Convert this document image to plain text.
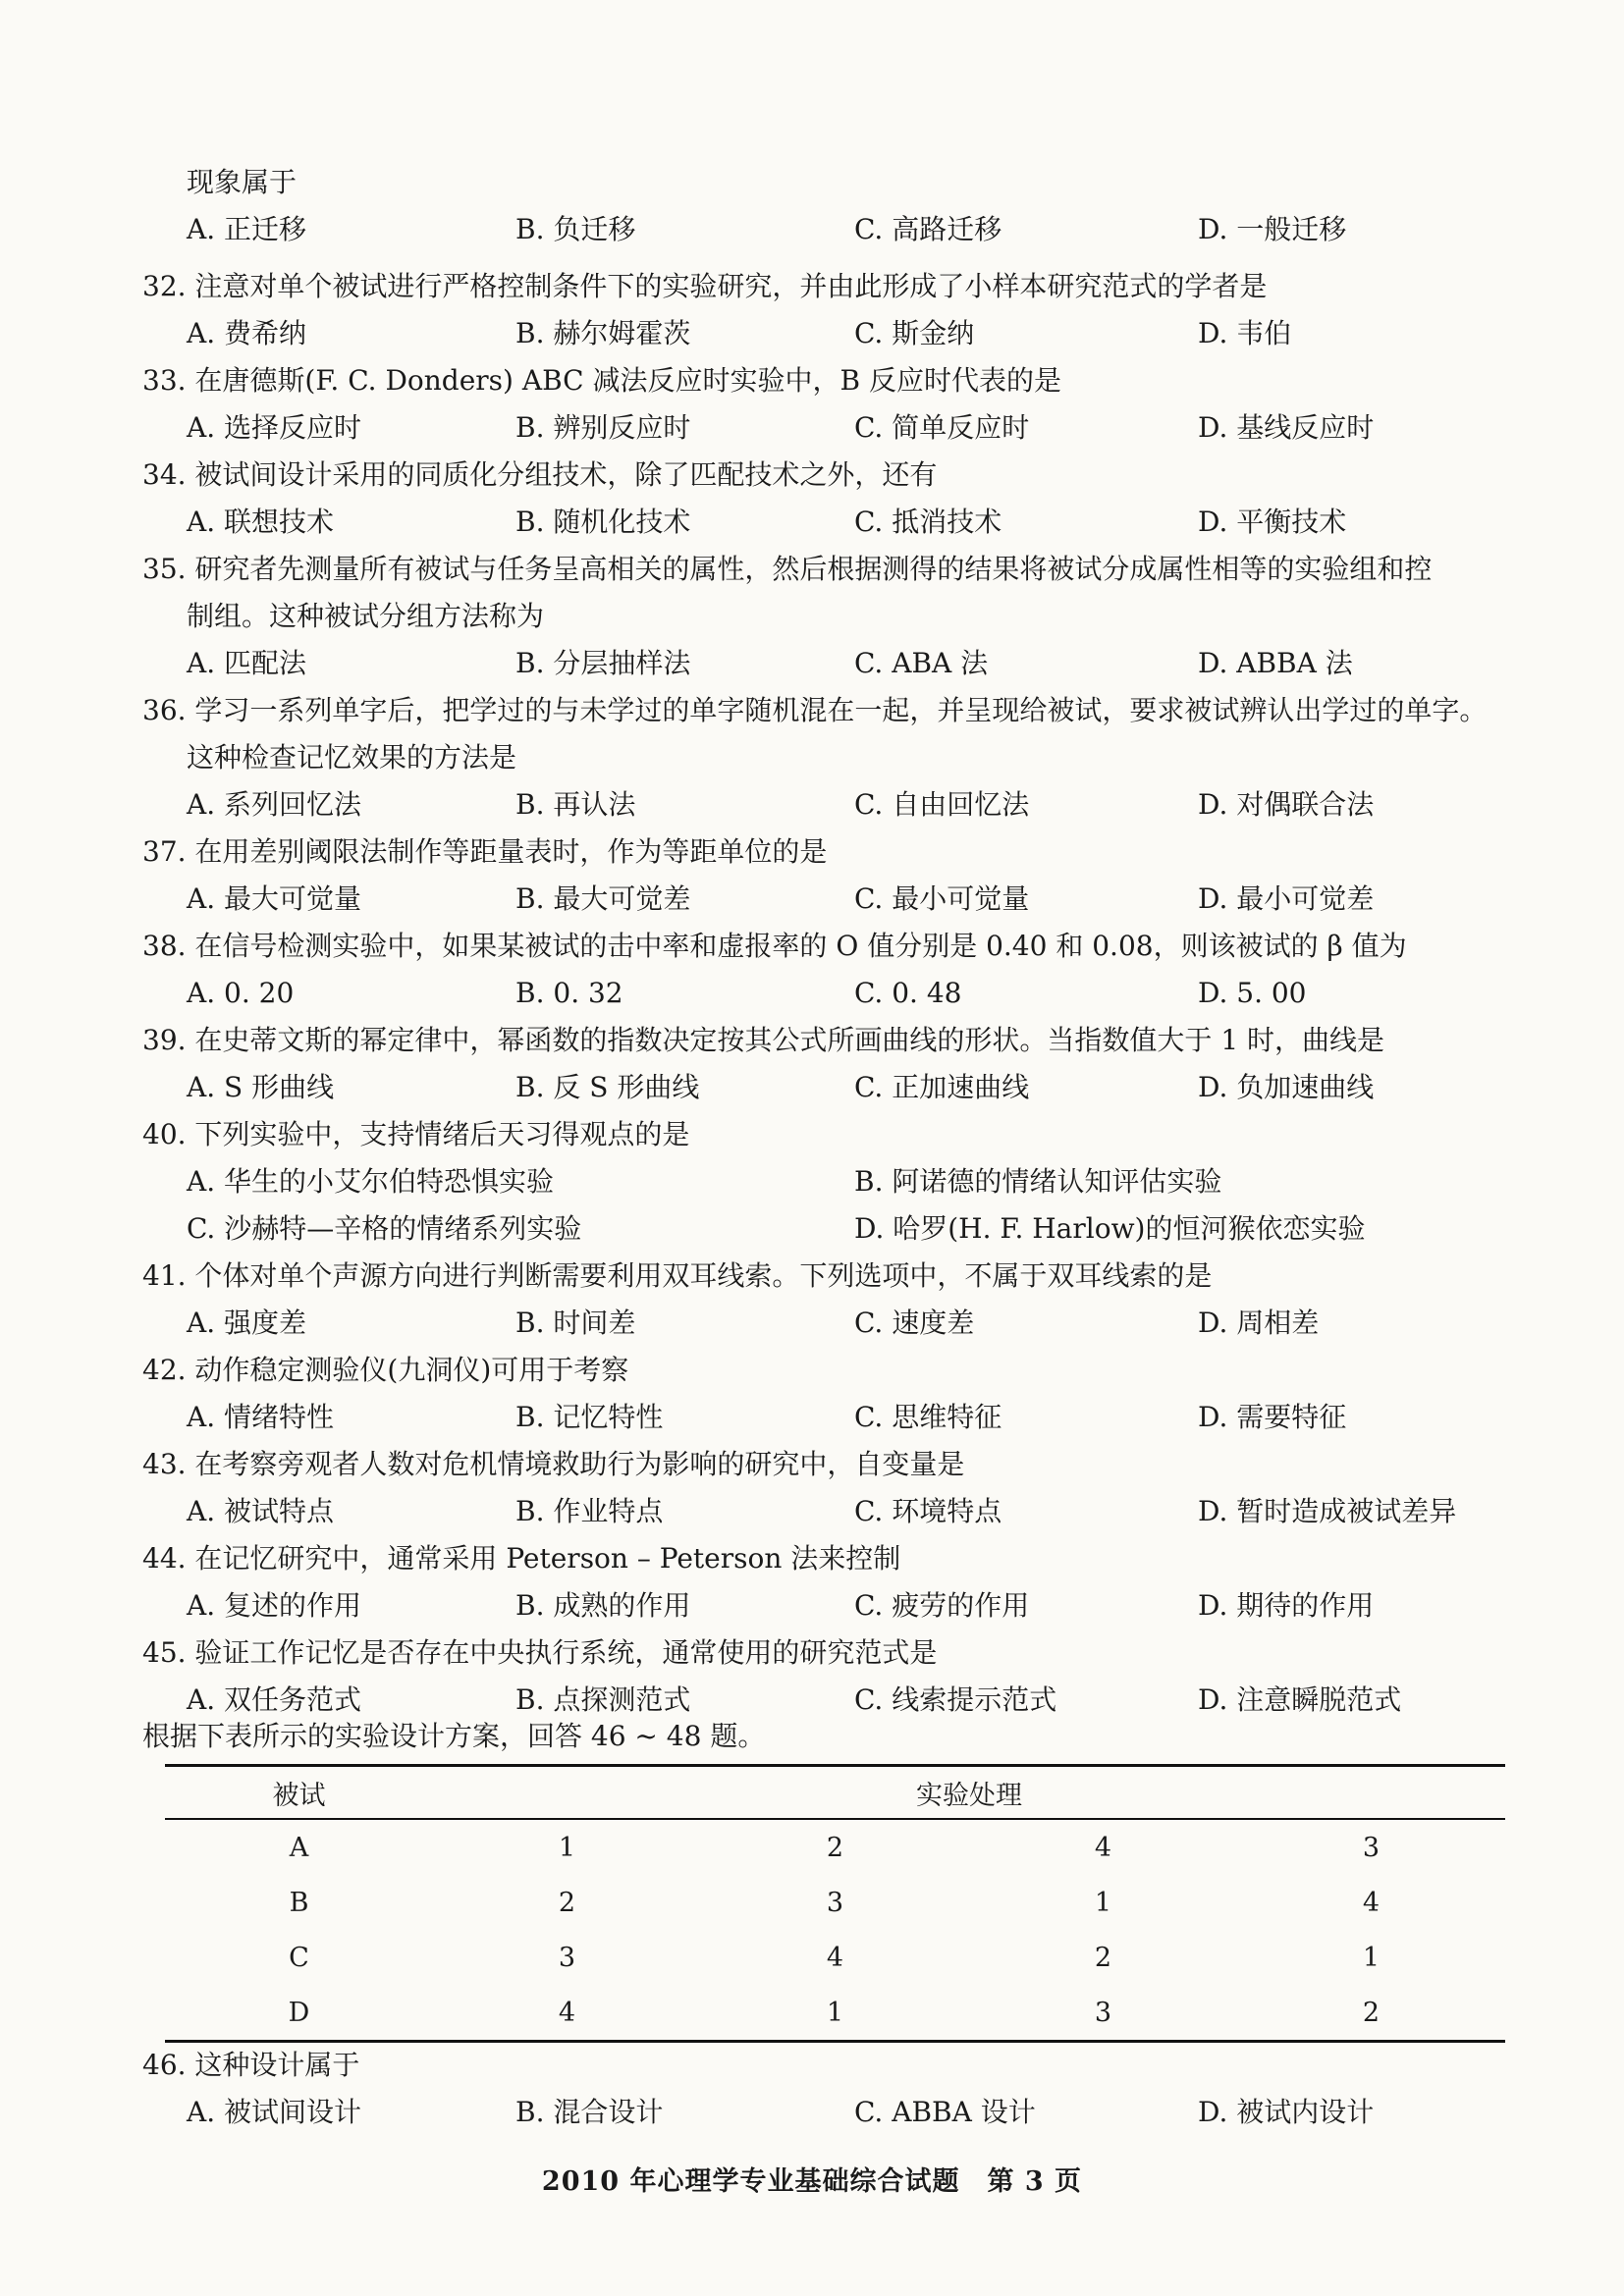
现象属于
A. 正迁移	B. 负迁移	C. 高路迁移	D. 一般迁移
32. 注意对单个被试进行严格控制条件下的实验研究，并由此形成了小样本研究范式的学者是
A. 费希纳	B. 赫尔姆霍茨	C. 斯金纳	D. 韦伯
33. 在唐德斯(F. C. Donders) ABC 减法反应时实验中，B 反应时代表的是
A. 选择反应时	B. 辨别反应时	C. 简单反应时	D. 基线反应时
34. 被试间设计采用的同质化分组技术，除了匹配技术之外，还有
A. 联想技术	B. 随机化技术	C. 抵消技术	D. 平衡技术
35. 研究者先测量所有被试与任务呈高相关的属性，然后根据测得的结果将被试分成属性相等的实验组和控
制组。这种被试分组方法称为
A. 匹配法	B. 分层抽样法	C. ABA 法	D. ABBA 法
36. 学习一系列单字后，把学过的与未学过的单字随机混在一起，并呈现给被试，要求被试辨认出学过的单字。
这种检查记忆效果的方法是
A. 系列回忆法	B. 再认法	C. 自由回忆法	D. 对偶联合法
37. 在用差别阈限法制作等距量表时，作为等距单位的是
A. 最大可觉量	B. 最大可觉差	C. 最小可觉量	D. 最小可觉差
38. 在信号检测实验中，如果某被试的击中率和虚报率的 O 值分别是 0.40 和 0.08，则该被试的 β 值为
A. 0. 20	B. 0. 32	C. 0. 48	D. 5. 00
39. 在史蒂文斯的幂定律中，幂函数的指数决定按其公式所画曲线的形状。当指数值大于 1 时，曲线是
A. S 形曲线	B. 反 S 形曲线	C. 正加速曲线	D. 负加速曲线
40. 下列实验中，支持情绪后天习得观点的是
A. 华生的小艾尔伯特恐惧实验	B. 阿诺德的情绪认知评估实验
C. 沙赫特—辛格的情绪系列实验	D. 哈罗(H. F. Harlow)的恒河猴依恋实验
41. 个体对单个声源方向进行判断需要利用双耳线索。下列选项中，不属于双耳线索的是
A. 强度差	B. 时间差	C. 速度差	D. 周相差
42. 动作稳定测验仪(九洞仪)可用于考察
A. 情绪特性	B. 记忆特性	C. 思维特征	D. 需要特征
43. 在考察旁观者人数对危机情境救助行为影响的研究中，自变量是
A. 被试特点	B. 作业特点	C. 环境特点	D. 暂时造成被试差异
44. 在记忆研究中，通常采用 Peterson – Peterson 法来控制
A. 复述的作用	B. 成熟的作用	C. 疲劳的作用	D. 期待的作用
45. 验证工作记忆是否存在中央执行系统，通常使用的研究范式是
A. 双任务范式	B. 点探测范式	C. 线索提示范式	D. 注意瞬脱范式
根据下表所示的实验设计方案，回答 46 ~ 48 题。
被试	实验处理			
A	1	2	4	3
B	2	3	1	4
C	3	4	2	1
D	4	1	3	2
46. 这种设计属于
A. 被试间设计	B. 混合设计	C. ABBA 设计	D. 被试内设计
2010 年心理学专业基础综合试题　第 3 页
